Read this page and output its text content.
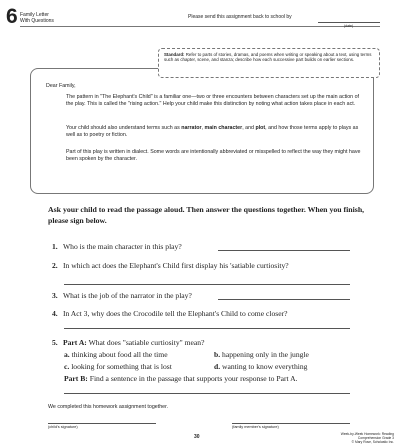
6 Family Letter
With Questions
Please send this assignment back to school by
(date)
Standard: Refer to parts of stories, dramas, and poems when writing or speaking about a text, using terms such as chapter, scene, and stanza; describe how each successive part builds on earlier sections.
Dear Family,
The pattern in "The Elephant's Child" is a familiar one—two or three encounters between characters set up the main action of the play. This is called the "rising action." Help your child make this distinction by noting what action takes place in each act.
Your child should also understand terms such as narrator, main character, and plot, and how those terms apply to plays as well as to poetry or fiction.
Part of this play is written in dialect. Some words are intentionally abbreviated or misspelled to reflect the way they might have been spoken by the character.
Ask your child to read the passage aloud. Then answer the questions together. When you finish, please sign below.
1. Who is the main character in this play?
2. In which act does the Elephant's Child first display his 'satiable curtiosity?
3. What is the job of the narrator in the play?
4. In Act 3, why does the Crocodile tell the Elephant's Child to come closer?
5. Part A: What does "satiable curtiosity" mean?
a. thinking about food all the time	b. happening only in the jungle
c. looking for something that is lost	d. wanting to know everything
Part B: Find a sentence in the passage that supports your response to Part A.
We completed this homework assignment together.
(child's signature)	(family member's signature)
30	Week-by-Week Homework: Reading Comprehension Grade 3
© Mary Rose, Scholastic Inc.
